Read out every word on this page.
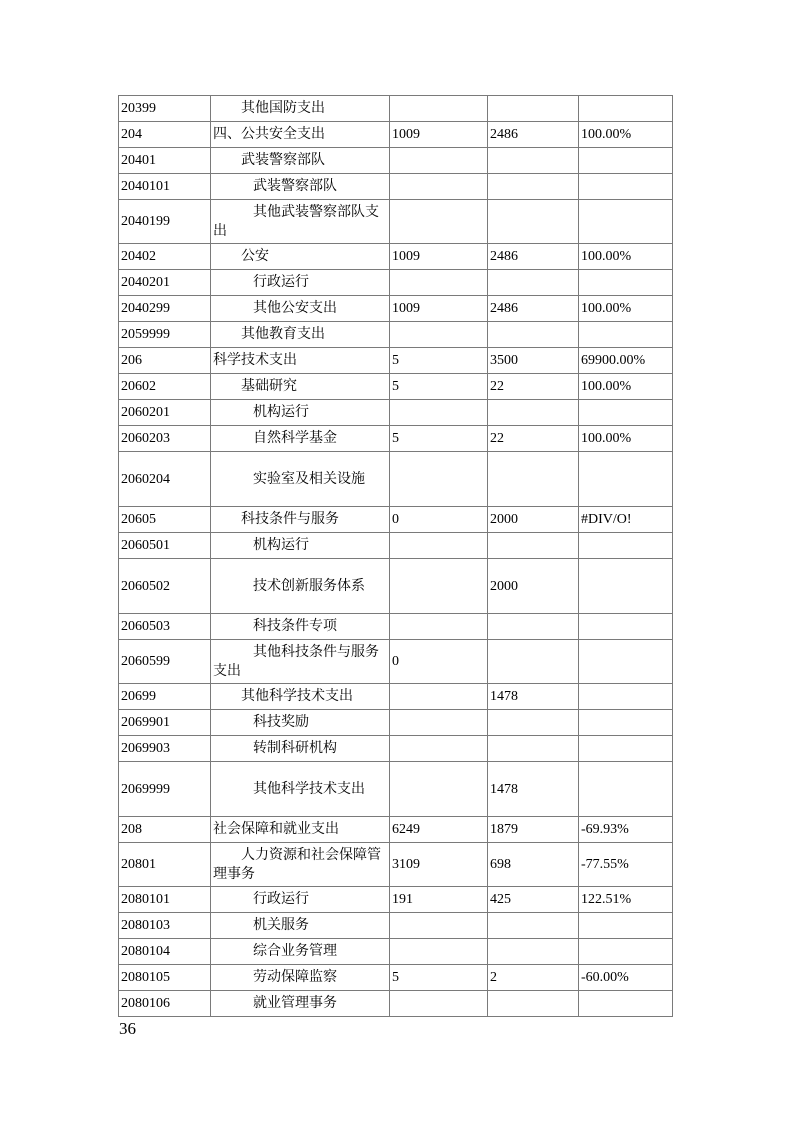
20399	其他国防支出			

204	四、公共安全支出	1009	2486	100.00%
20401	武装警察部队			

2040101	武装警察部队			

2040199	其他武装警察部队支出			

20402	公安	1009	2486	100.00%
2040201	行政运行			

2040299	其他公安支出	1009	2486	100.00%
2059999	其他教育支出			

206	科学技术支出	5	3500	69900.00%
20602	基础研究	5	22	100.00%
2060201	机构运行			

2060203	自然科学基金	5	22	100.00%
2060204	实验室及相关设施			

20605	科技条件与服务	0	2000	#DIV/O!
2060501	机构运行			

2060502	技术创新服务体系		2000	
2060503	科技条件专项			

2060599	其他科技条件与服务支出	0		
20699	其他科学技术支出		1478	
2069901	科技奖励			

2069903	转制科研机构			

2069999	其他科学技术支出		1478	
208	社会保障和就业支出	6249	1879	-69.93%
20801	人力资源和社会保障管理事务	3109	698	-77.55%
2080101	行政运行	191	425	122.51%
2080103	机关服务			

2080104	综合业务管理			

2080105	劳动保障监察	5	2	-60.00%
2080106	就业管理事务			

36
